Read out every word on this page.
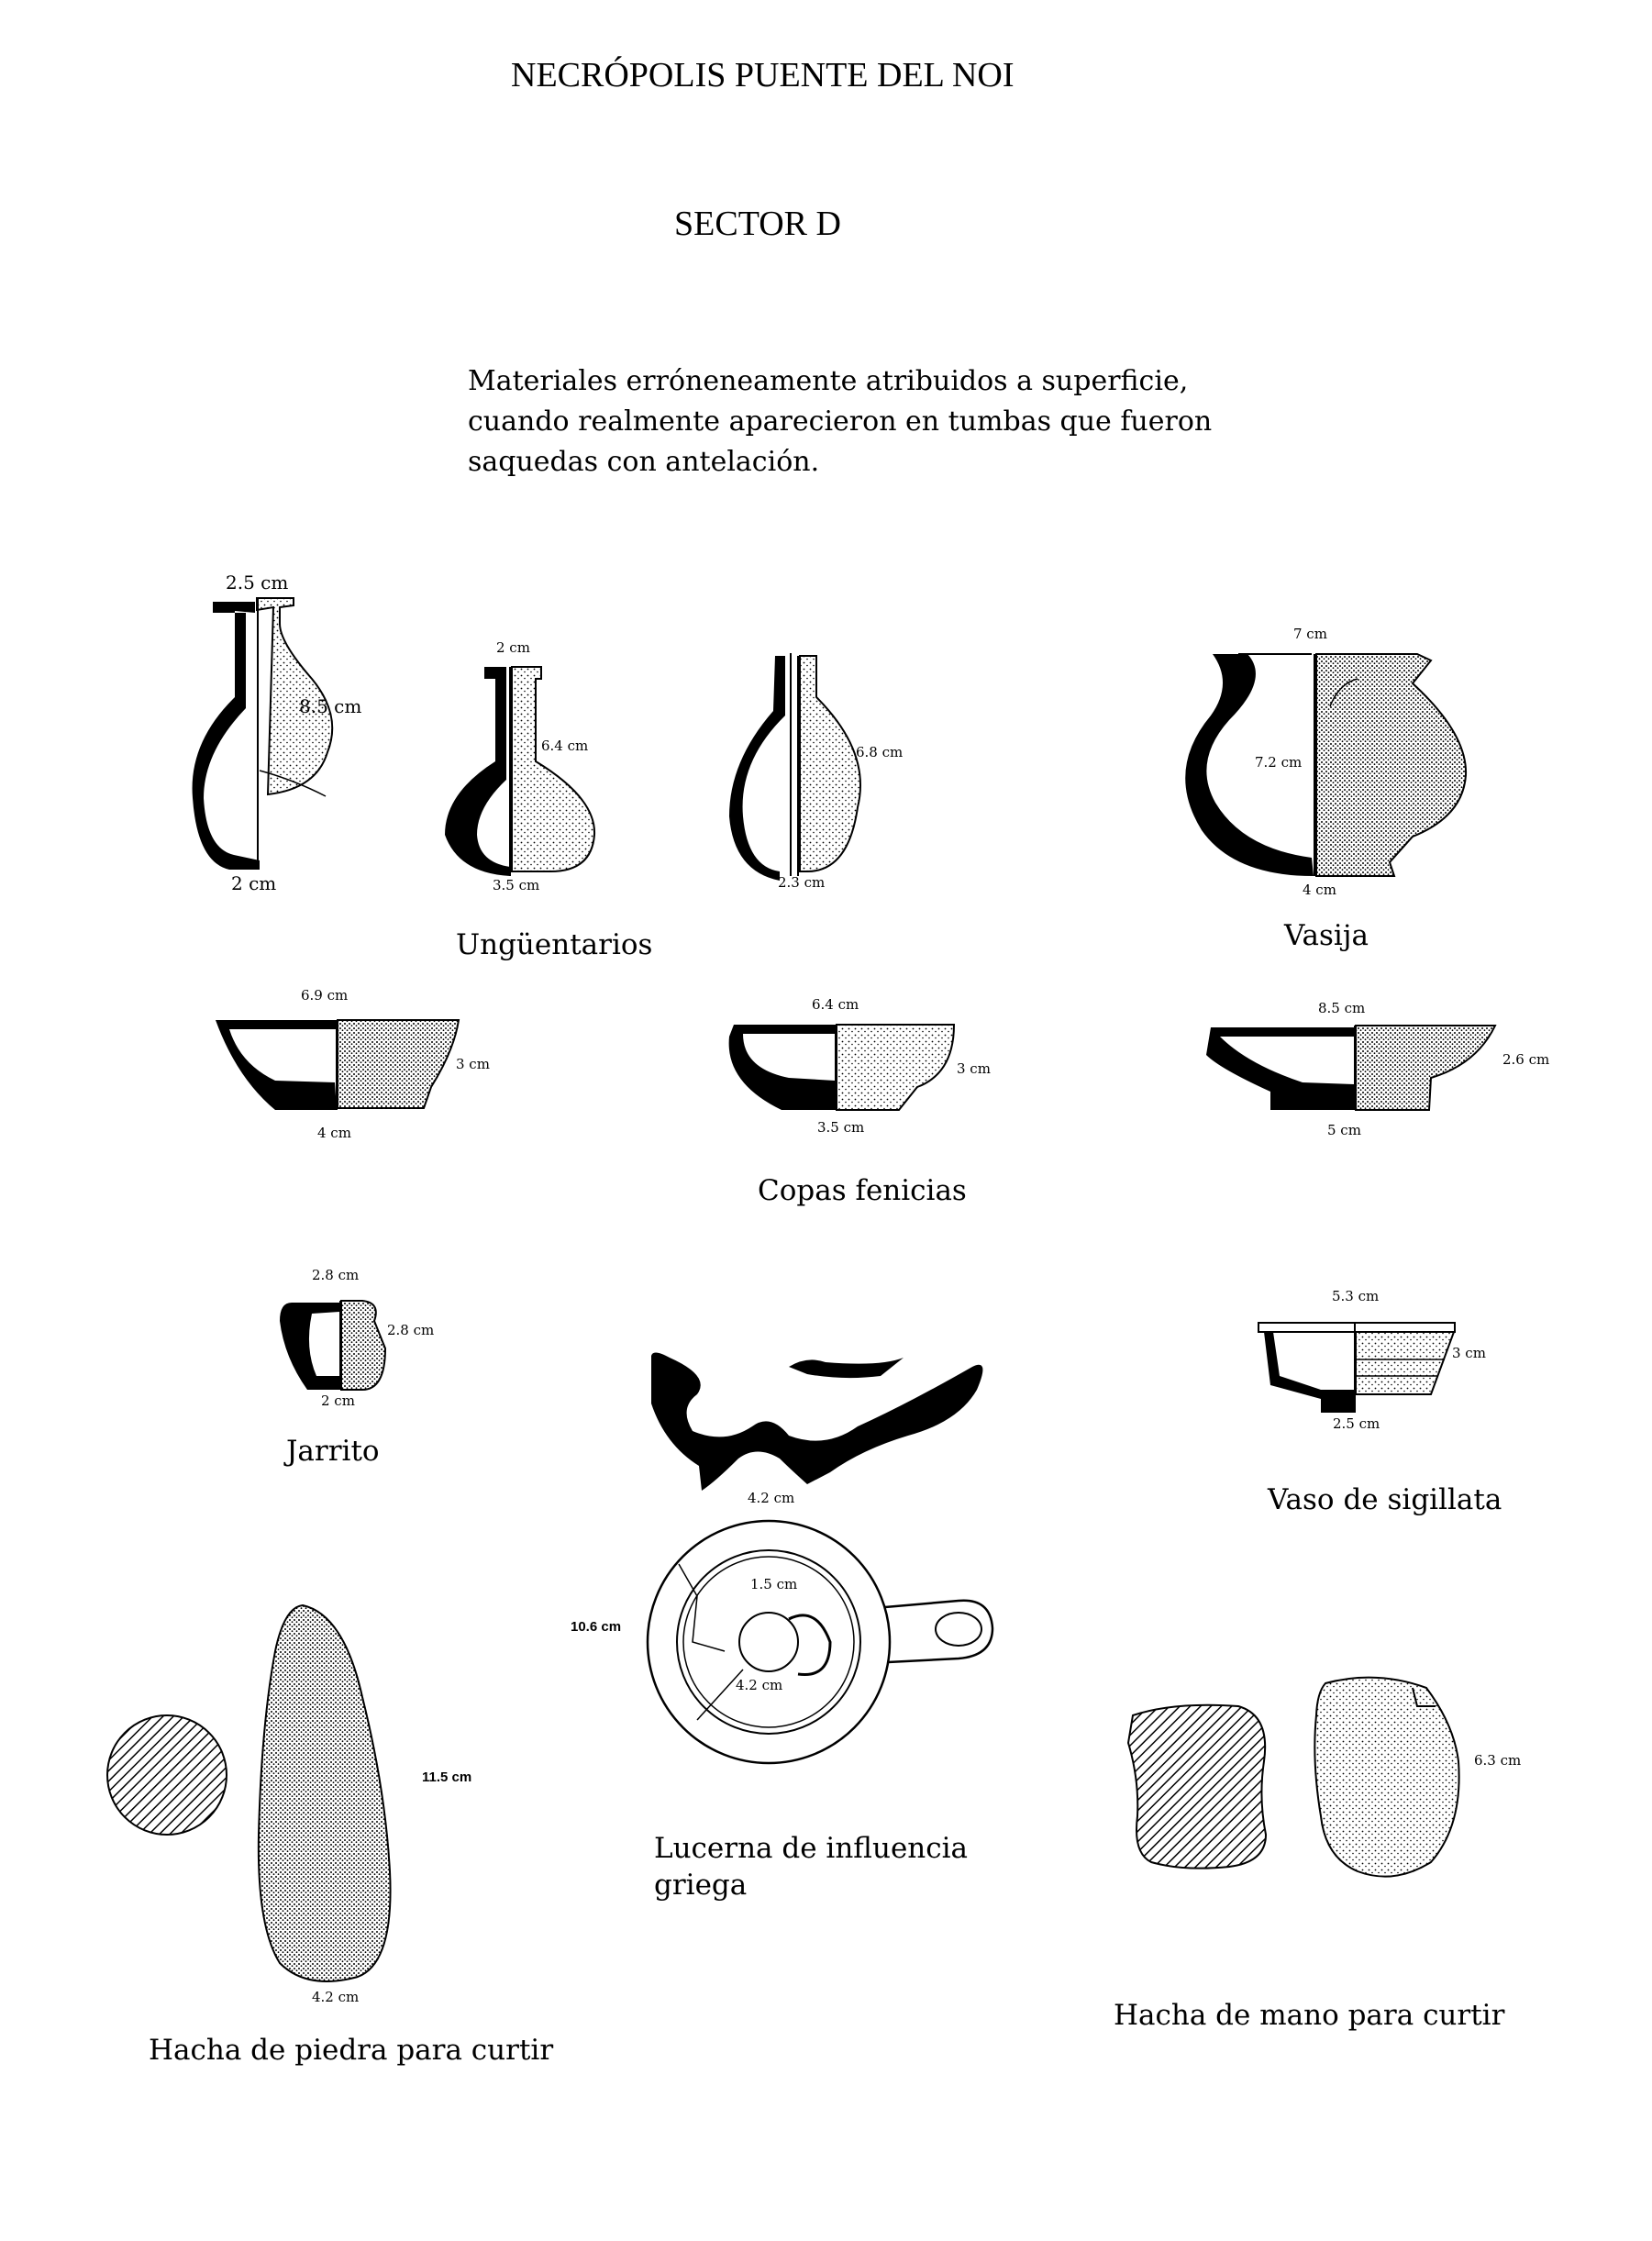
NECRÓPOLIS PUENTE DEL NOI
SECTOR D
Materiales erróneneamente atribuidos a superficie,
cuando realmente aparecieron en tumbas que fueron
saquedas con antelación.
2.5 cm
8.5 cm
2 cm
2 cm
6.4 cm
3.5 cm
6.8 cm
2.3 cm
Ungüentarios
7 cm
7.2 cm
4 cm
Vasija
6.9 cm
3 cm
4 cm
6.4 cm
3 cm
3.5 cm
8.5 cm
2.6 cm
5 cm
Copas fenicias
2.8 cm
2.8 cm
2 cm
Jarrito
5.3 cm
3 cm
2.5 cm
Vaso de sigillata
4.2 cm
10.6 cm
1.5 cm
4.2 cm
Lucerna de influencia
griega
11.5 cm
4.2 cm
Hacha de piedra para curtir
6.3 cm
Hacha de mano para curtir
